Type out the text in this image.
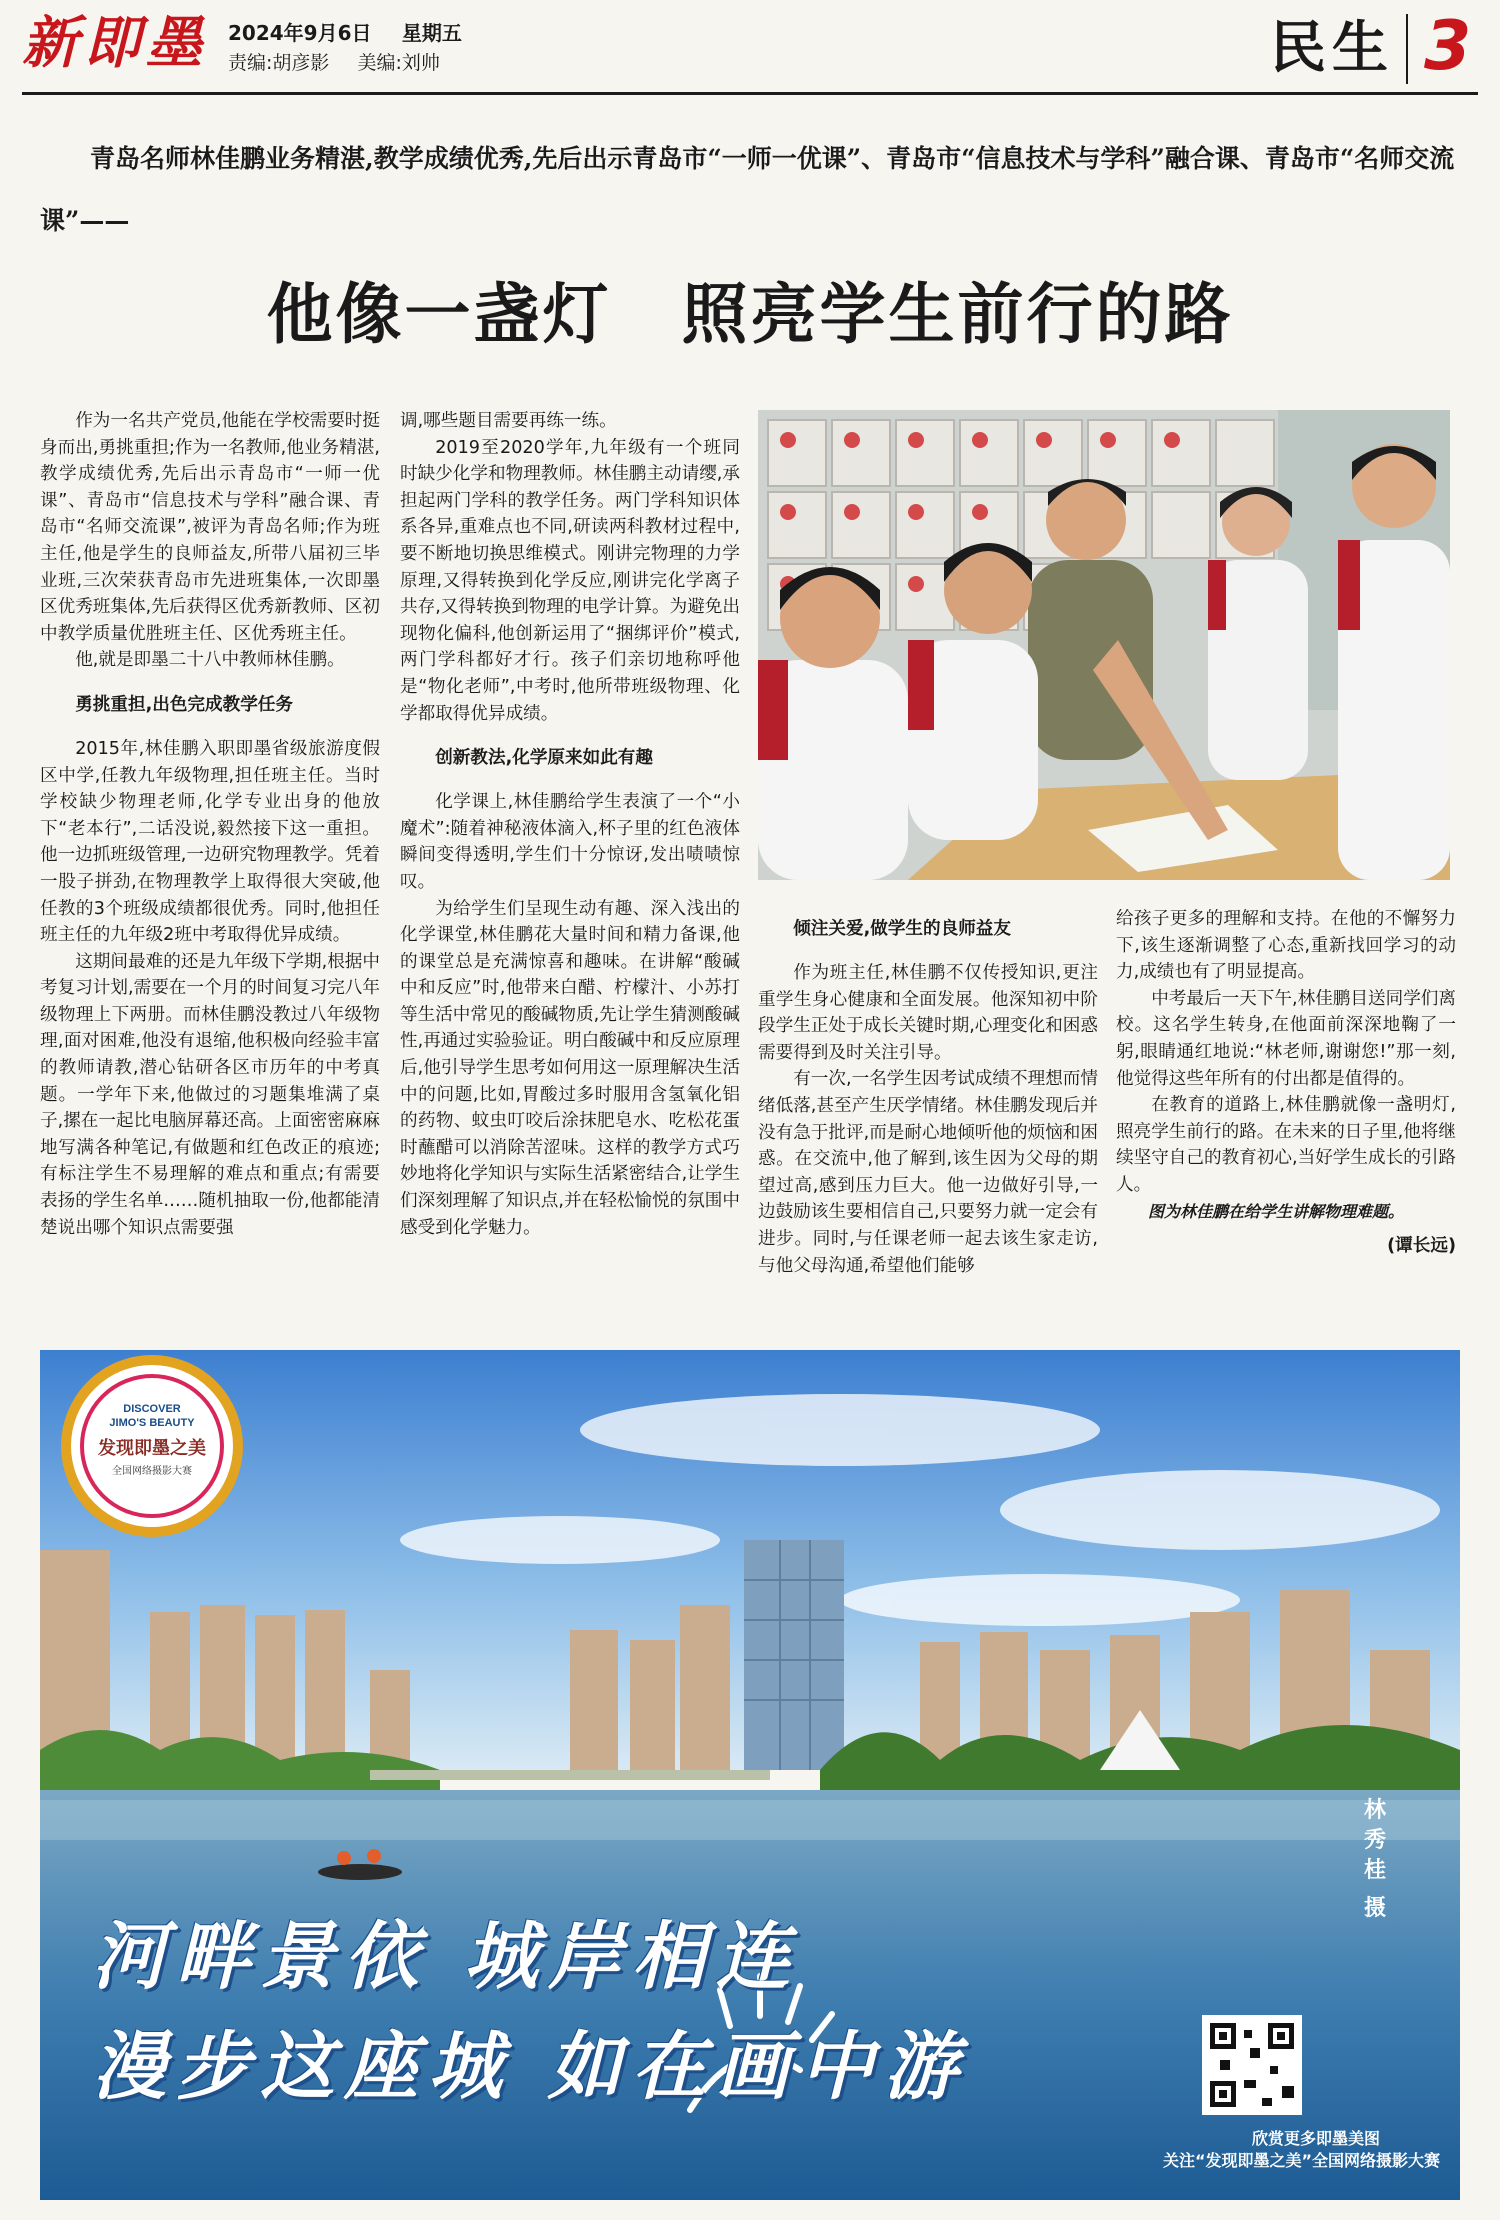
新即墨 2024年9月6日 星期五
责编:胡彦影 美编:刘帅	民生 3

青岛名师林佳鹏业务精湛,教学成绩优秀,先后出示青岛市“一师一优课”、青岛市“信息技术与学科”融合课、青岛市“名师交流课”——

他像一盏灯 照亮学生前行的路

作为一名共产党员,他能在学校需要时挺身而出,勇挑重担;作为一名教师,他业务精湛,教学成绩优秀,先后出示青岛市“一师一优课”、青岛市“信息技术与学科”融合课、青岛市“名师交流课”,被评为青岛名师;作为班主任,他是学生的良师益友,所带八届初三毕业班,三次荣获青岛市先进班集体,一次即墨区优秀班集体,先后获得区优秀新教师、区初中教学质量优胜班主任、区优秀班主任。

他,就是即墨二十八中教师林佳鹏。

勇挑重担,出色完成教学任务

2015年,林佳鹏入职即墨省级旅游度假区中学,任教九年级物理,担任班主任。当时学校缺少物理老师,化学专业出身的他放下“老本行”,二话没说,毅然接下这一重担。他一边抓班级管理,一边研究物理教学。凭着一股子拼劲,在物理教学上取得很大突破,他任教的3个班级成绩都很优秀。同时,他担任班主任的九年级2班中考取得优异成绩。

这期间最难的还是九年级下学期,根据中考复习计划,需要在一个月的时间复习完八年级物理上下两册。而林佳鹏没教过八年级物理,面对困难,他没有退缩,他积极向经验丰富的教师请教,潜心钻研各区市历年的中考真题。一学年下来,他做过的习题集堆满了桌子,摞在一起比电脑屏幕还高。上面密密麻麻地写满各种笔记,有做题和红色改正的痕迹;有标注学生不易理解的难点和重点;有需要表扬的学生名单……随机抽取一份,他都能清楚说出哪个知识点需要强

调,哪些题目需要再练一练。

2019至2020学年,九年级有一个班同时缺少化学和物理教师。林佳鹏主动请缨,承担起两门学科的教学任务。两门学科知识体系各异,重难点也不同,研读两科教材过程中,要不断地切换思维模式。刚讲完物理的力学原理,又得转换到化学反应,刚讲完化学离子共存,又得转换到物理的电学计算。为避免出现物化偏科,他创新运用了“捆绑评价”模式,两门学科都好才行。孩子们亲切地称呼他是“物化老师”,中考时,他所带班级物理、化学都取得优异成绩。

创新教法,化学原来如此有趣

化学课上,林佳鹏给学生表演了一个“小魔术”:随着神秘液体滴入,杯子里的红色液体瞬间变得透明,学生们十分惊讶,发出啧啧惊叹。

为给学生们呈现生动有趣、深入浅出的化学课堂,林佳鹏花大量时间和精力备课,他的课堂总是充满惊喜和趣味。在讲解“酸碱中和反应”时,他带来白醋、柠檬汁、小苏打等生活中常见的酸碱物质,先让学生猜测酸碱性,再通过实验验证。明白酸碱中和反应原理后,他引导学生思考如何用这一原理解决生活中的问题,比如,胃酸过多时服用含氢氧化铝的药物、蚊虫叮咬后涂抹肥皂水、吃松花蛋时蘸醋可以消除苦涩味。这样的教学方式巧妙地将化学知识与实际生活紧密结合,让学生们深刻理解了知识点,并在轻松愉悦的氛围中感受到化学魅力。

倾注关爱,做学生的良师益友

作为班主任,林佳鹏不仅传授知识,更注重学生身心健康和全面发展。他深知初中阶段学生正处于成长关键时期,心理变化和困惑需要得到及时关注引导。

有一次,一名学生因考试成绩不理想而情绪低落,甚至产生厌学情绪。林佳鹏发现后并没有急于批评,而是耐心地倾听他的烦恼和困惑。在交流中,他了解到,该生因为父母的期望过高,感到压力巨大。他一边做好引导,一边鼓励该生要相信自己,只要努力就一定会有进步。同时,与任课老师一起去该生家走访,与他父母沟通,希望他们能够

给孩子更多的理解和支持。在他的不懈努力下,该生逐渐调整了心态,重新找回学习的动力,成绩也有了明显提高。

中考最后一天下午,林佳鹏目送同学们离校。这名学生转身,在他面前深深地鞠了一躬,眼睛通红地说:“林老师,谢谢您!”那一刻,他觉得这些年所有的付出都是值得的。

在教育的道路上,林佳鹏就像一盏明灯,照亮学生前行的路。在未来的日子里,他将继续坚守自己的教育初心,当好学生成长的引路人。

图为林佳鹏在给学生讲解物理难题。

(谭长远)

DISCOVER
JIMO'S BEAUTY
发现即墨之美
全国网络摄影大赛
林
秀
桂
摄
河畔景依 城岸相连
漫步这座城 如在画中游
欣赏更多即墨美图
关注“发现即墨之美”全国网络摄影大赛
